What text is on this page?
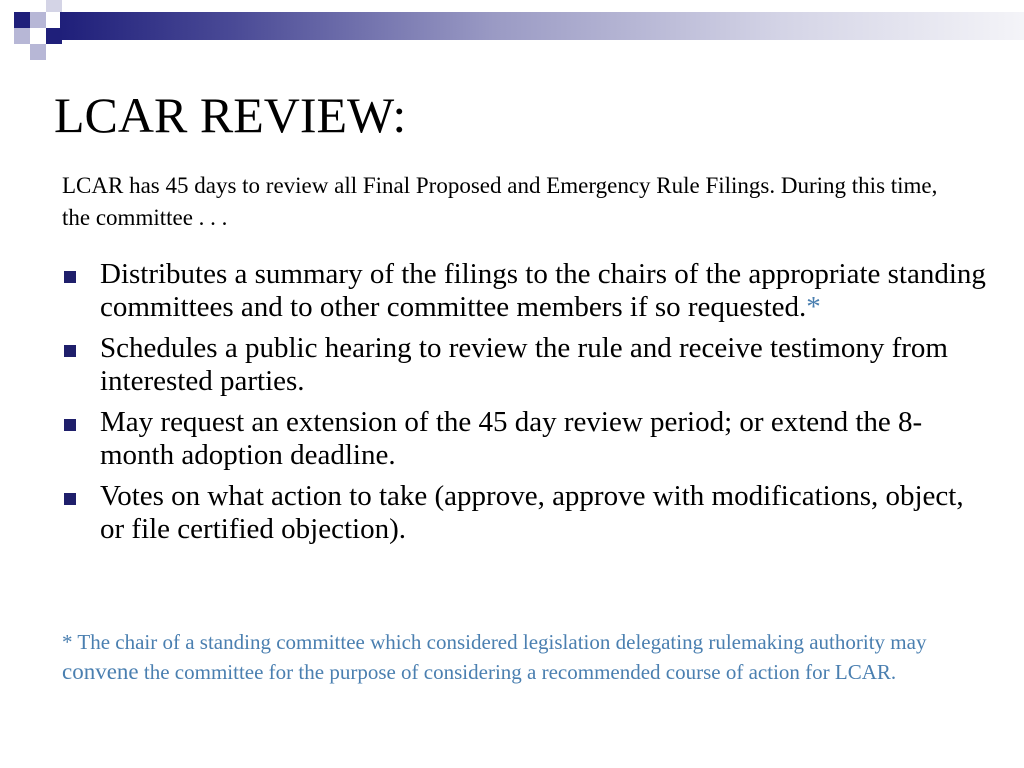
LCAR REVIEW:

LCAR has 45 days to review all Final Proposed and Emergency Rule Filings. During this time, the committee . . .

Distributes a summary of the filings to the chairs of the appropriate standing committees and to other committee members if so requested.*
Schedules a public hearing to review the rule and receive testimony from interested parties.
May request an extension of the 45 day review period; or extend the 8-month adoption deadline.
Votes on what action to take (approve, approve with modifications, object, or file certified objection).

* The chair of a standing committee which considered legislation delegating rulemaking authority may convene the committee for the purpose of considering a recommended course of action for LCAR.
